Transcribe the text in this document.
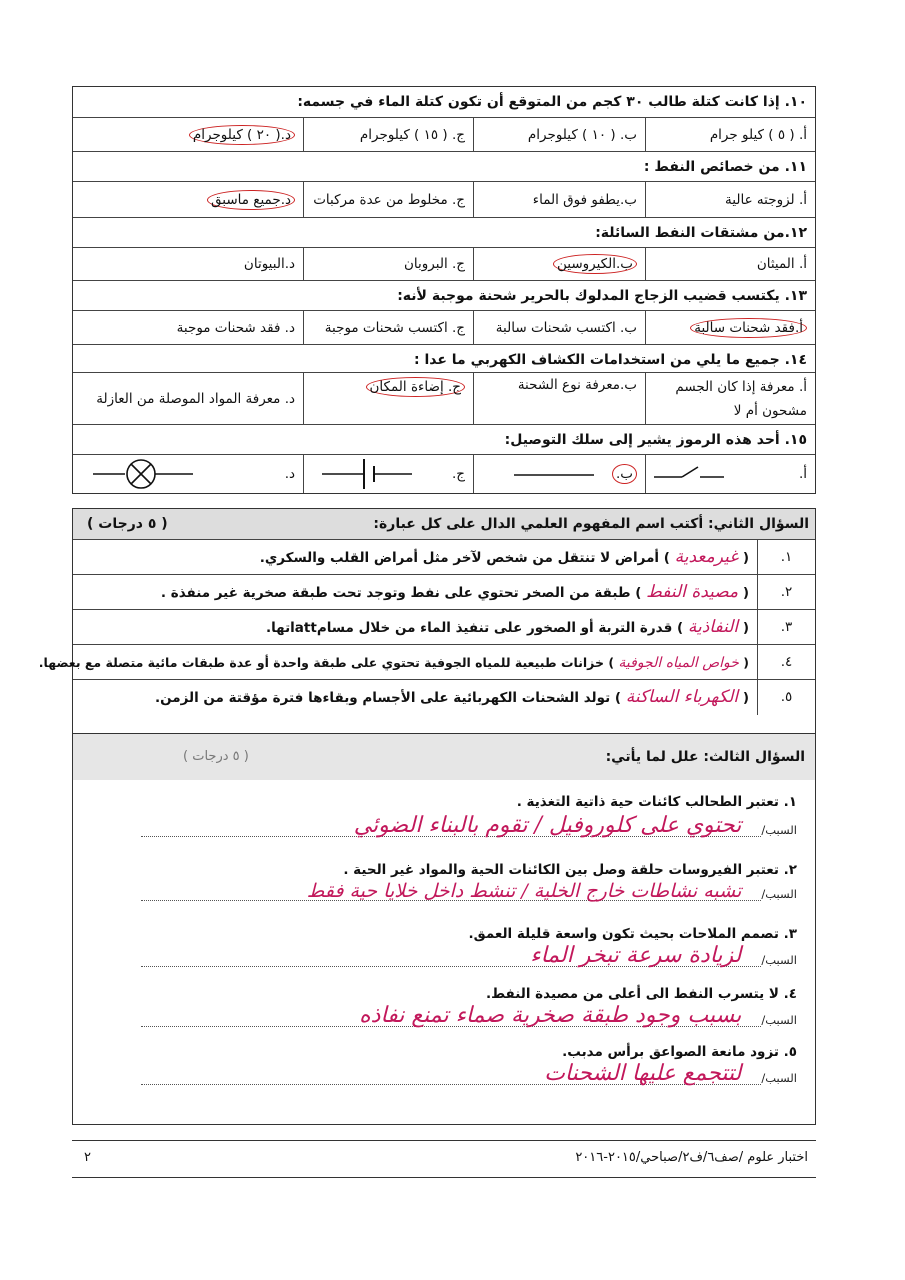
١٠. إذا كانت كتلة طالب ٣٠ كجم من المتوقع أن تكون كتلة الماء في جسمه:
أ. ( ٥ ) كيلو جرام
ب. ( ١٠ ) كيلوجرام
ج. ( ١٥ ) كيلوجرام
د.( ٢٠ ) كيلوجرام
١١. من خصائص النفط :
أ. لزوجته عالية
ب.يطفو فوق الماء
ج. مخلوط من عدة مركبات
د.جميع ماسبق
١٢.من مشتقات النفط السائلة:
أ. الميثان
ب.الكيروسين
ج. البروبان
د.البيوتان
١٣. يكتسب قضيب الزجاج المدلوك بالحرير شحنة موجبة لأنه:
أ.فقد شحنات سالبة
ب. اكتسب شحنات سالبة
ج. اكتسب شحنات موجبة
د. فقد شحنات موجبة
١٤. جميع ما يلي من استخدامات الكشاف الكهربي ما عدا :
أ. معرفة إذا كان الجسم مشحون أم لا
ب.معرفة نوع الشحنة
ج. إضاءة المكان
د. معرفة المواد الموصلة من العازلة
١٥. أحد هذه الرموز يشير إلى سلك التوصيل:
أ.
ب.
ج.
د.
السؤال الثاني: أكتب اسم المفهوم العلمي الدال على كل عبارة:
( ٥ درجات )
١.
( غيرمعدية ) أمراض لا تنتقل من شخص لآخر مثل أمراض القلب والسكري.
٢.
( مصيدة النفط ) طبقة من الصخر تحتوي على نفط وتوجد تحت طبقة صخرية غير منفذة .
٣.
( النفاذية ) قدرة التربة أو الصخور على تنفيذ الماء من خلال مسامattاتها.
٤.
( خواص المياه الجوفية ) خزانات طبيعية للمياه الجوفية تحتوي على طبقة واحدة أو عدة طبقات مائية متصلة مع بعضها.
٥.
( الكهرباء الساكنة ) تولد الشحنات الكهربائية على الأجسام وبقاءها فترة مؤقتة من الزمن.
السؤال الثالث: علل لما يأتي:
( ٥ درجات )
١. تعتبر الطحالب كائنات حية ذاتية التغذية .
السبب/
تحتوي على كلوروفيل / تقوم بالبناء الضوئي
٢. تعتبر الفيروسات حلقة وصل بين الكائنات الحية والمواد غير الحية .
السبب/
تشبه نشاطات خارج الخلية / تنشط داخل خلايا حية فقط
٣. تصمم الملاحات بحيث تكون واسعة قليلة العمق.
السبب/
لزيادة سرعة تبخر الماء
٤. لا يتسرب النفط الى أعلى من مصيدة النفط.
السبب/
بسبب وجود طبقة صخرية صماء تمنع نفاذه
٥. تزود مانعة الصواعق برأس مدبب.
السبب/
لتتجمع عليها الشحنات
اختبار علوم /صف٦/ف٢/صباحي/٢٠١٥-٢٠١٦
٢
